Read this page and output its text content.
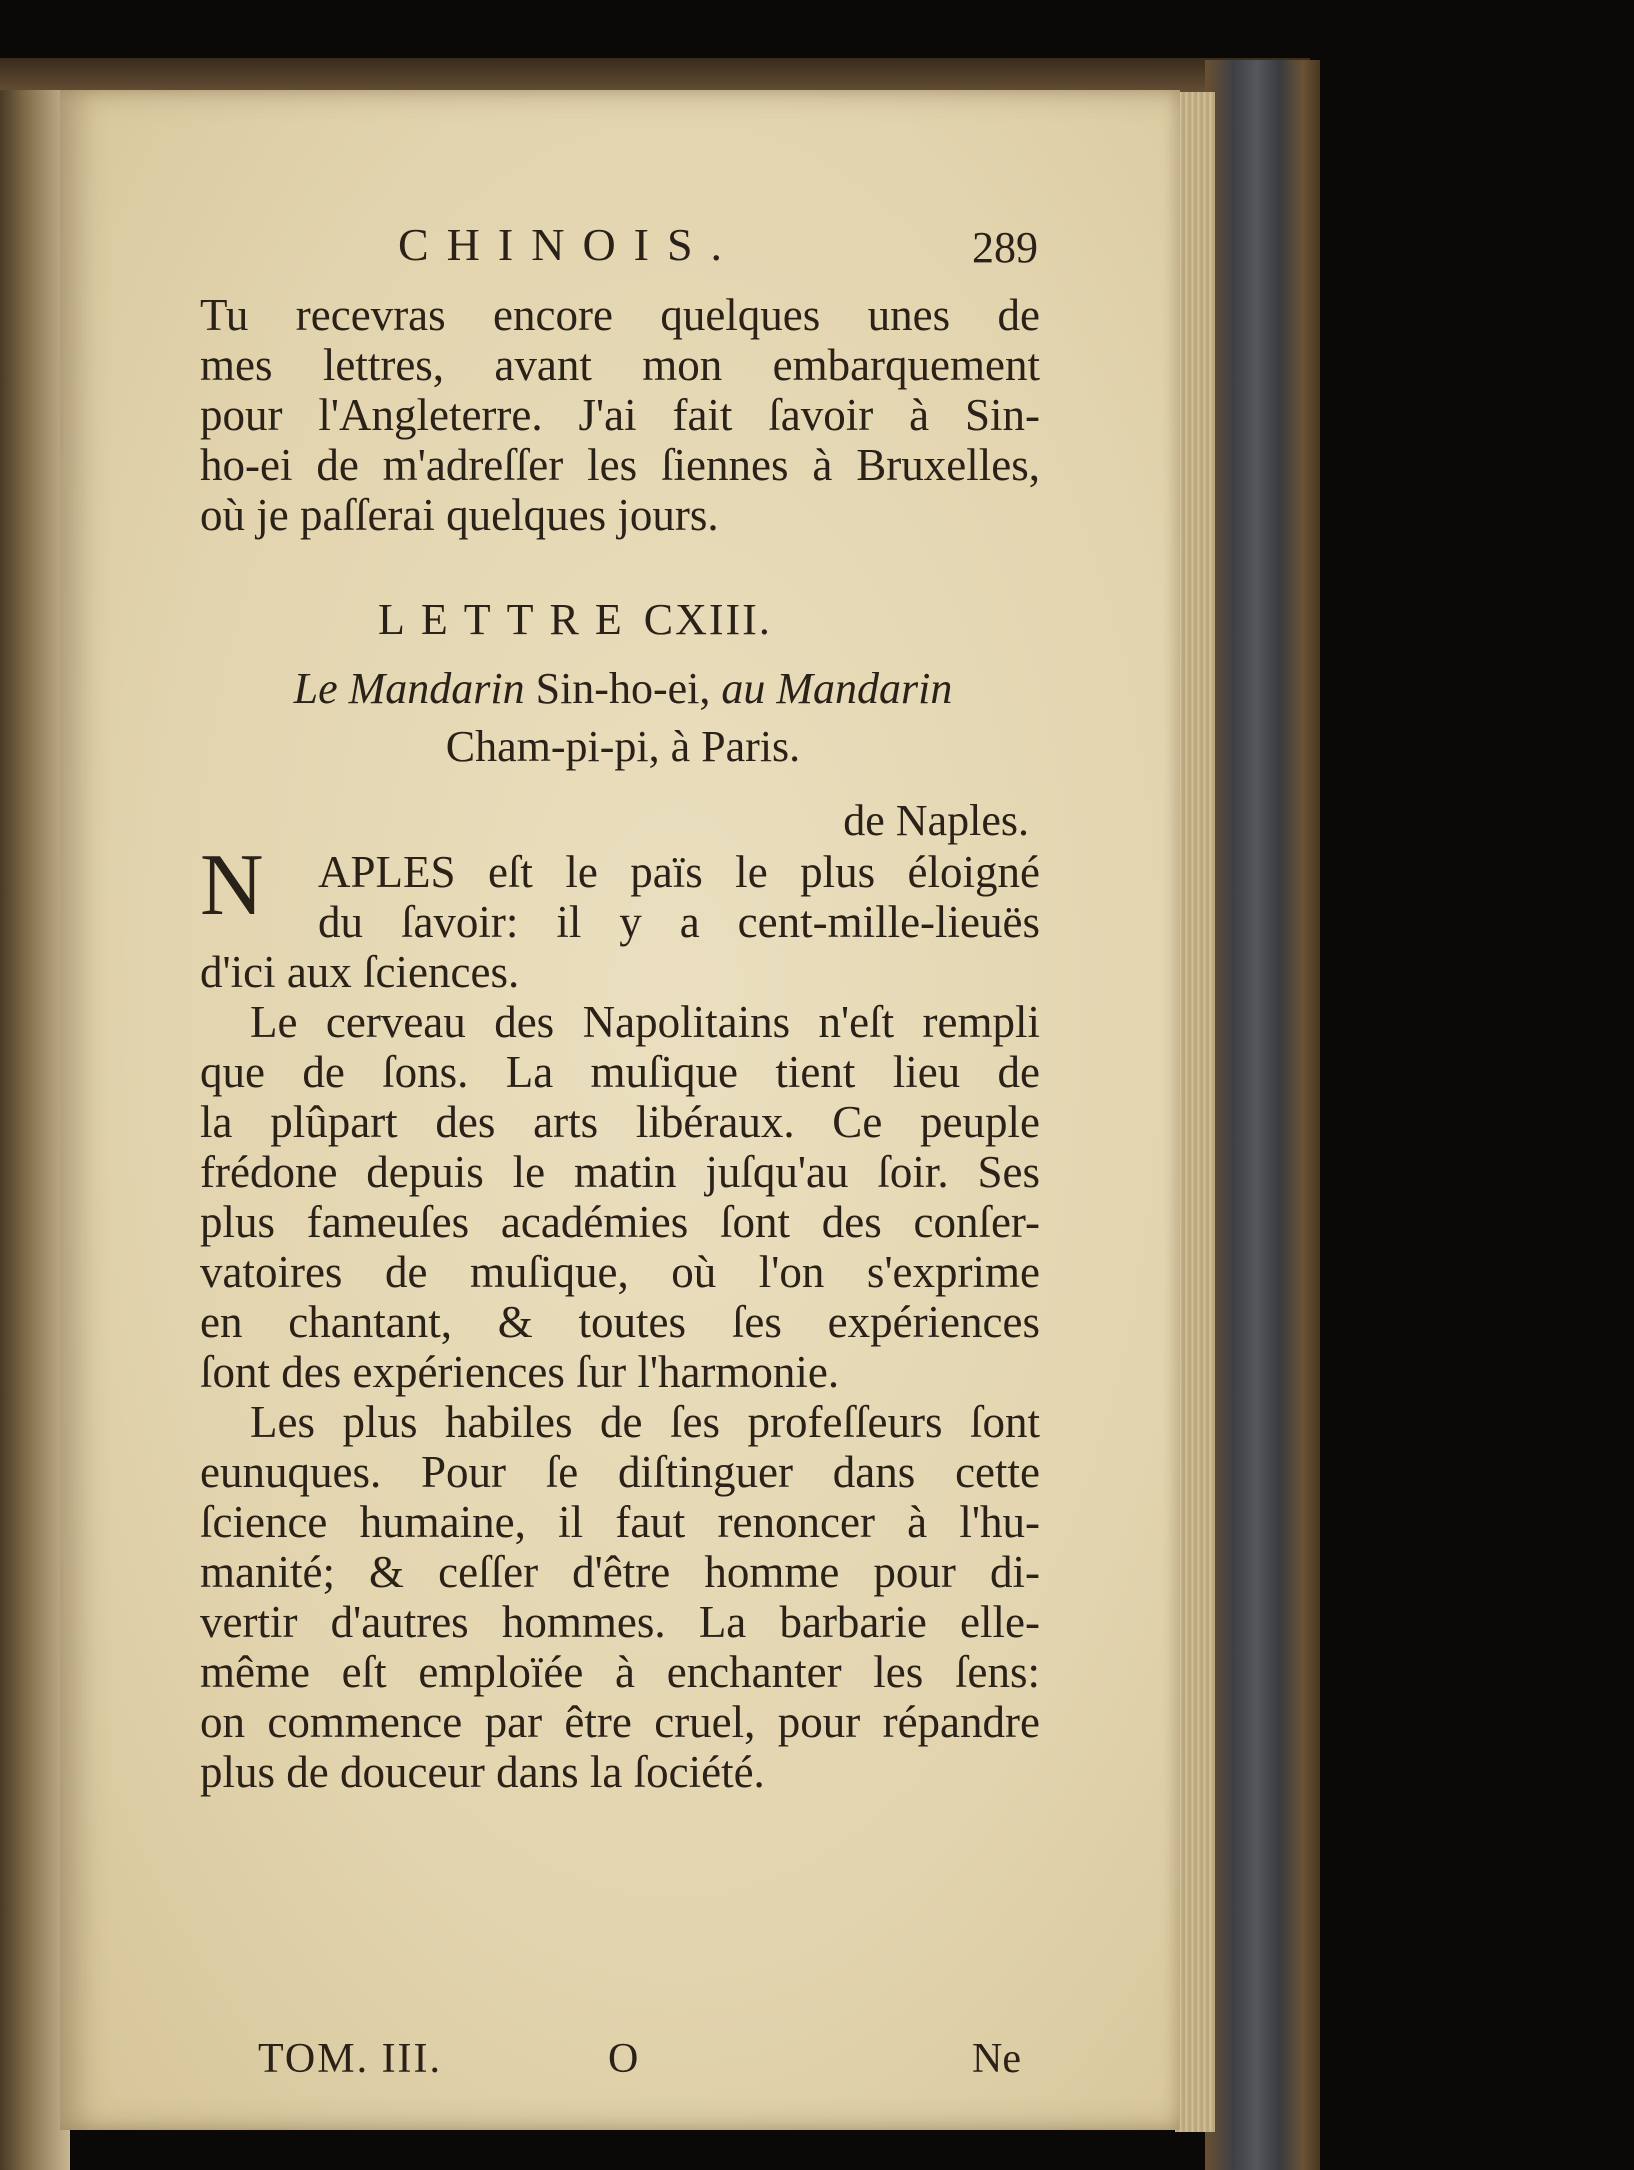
CHINOIS.	289
Tu recevras encore quelques unes de
mes lettres, avant mon embarquement
pour l'Angleterre. J'ai fait ſavoir à Sin-
ho-ei de m'adreſſer les ſiennes à Bruxelles,
où je paſſerai quelques jours.
LETTRE CXIII.
Le Mandarin Sin-ho-ei, au Mandarin
Cham-pi-pi, à Paris.
de Naples.
N APLES eſt le païs le plus éloigné
du ſavoir: il y a cent-mille-lieuës
d'ici aux ſciences.
Le cerveau des Napolitains n'eſt rempli
que de ſons. La muſique tient lieu de
la plûpart des arts libéraux. Ce peuple
frédone depuis le matin juſqu'au ſoir. Ses
plus fameuſes académies ſont des conſer-
vatoires de muſique, où l'on s'exprime
en chantant, & toutes ſes expériences
ſont des expériences ſur l'harmonie.
Les plus habiles de ſes profeſſeurs ſont
eunuques. Pour ſe diſtinguer dans cette
ſcience humaine, il faut renoncer à l'hu-
manité; & ceſſer d'être homme pour di-
vertir d'autres hommes. La barbarie elle-
même eſt emploïée à enchanter les ſens:
on commence par être cruel, pour répandre
plus de douceur dans la ſociété.
TOM. III.	O	Ne
